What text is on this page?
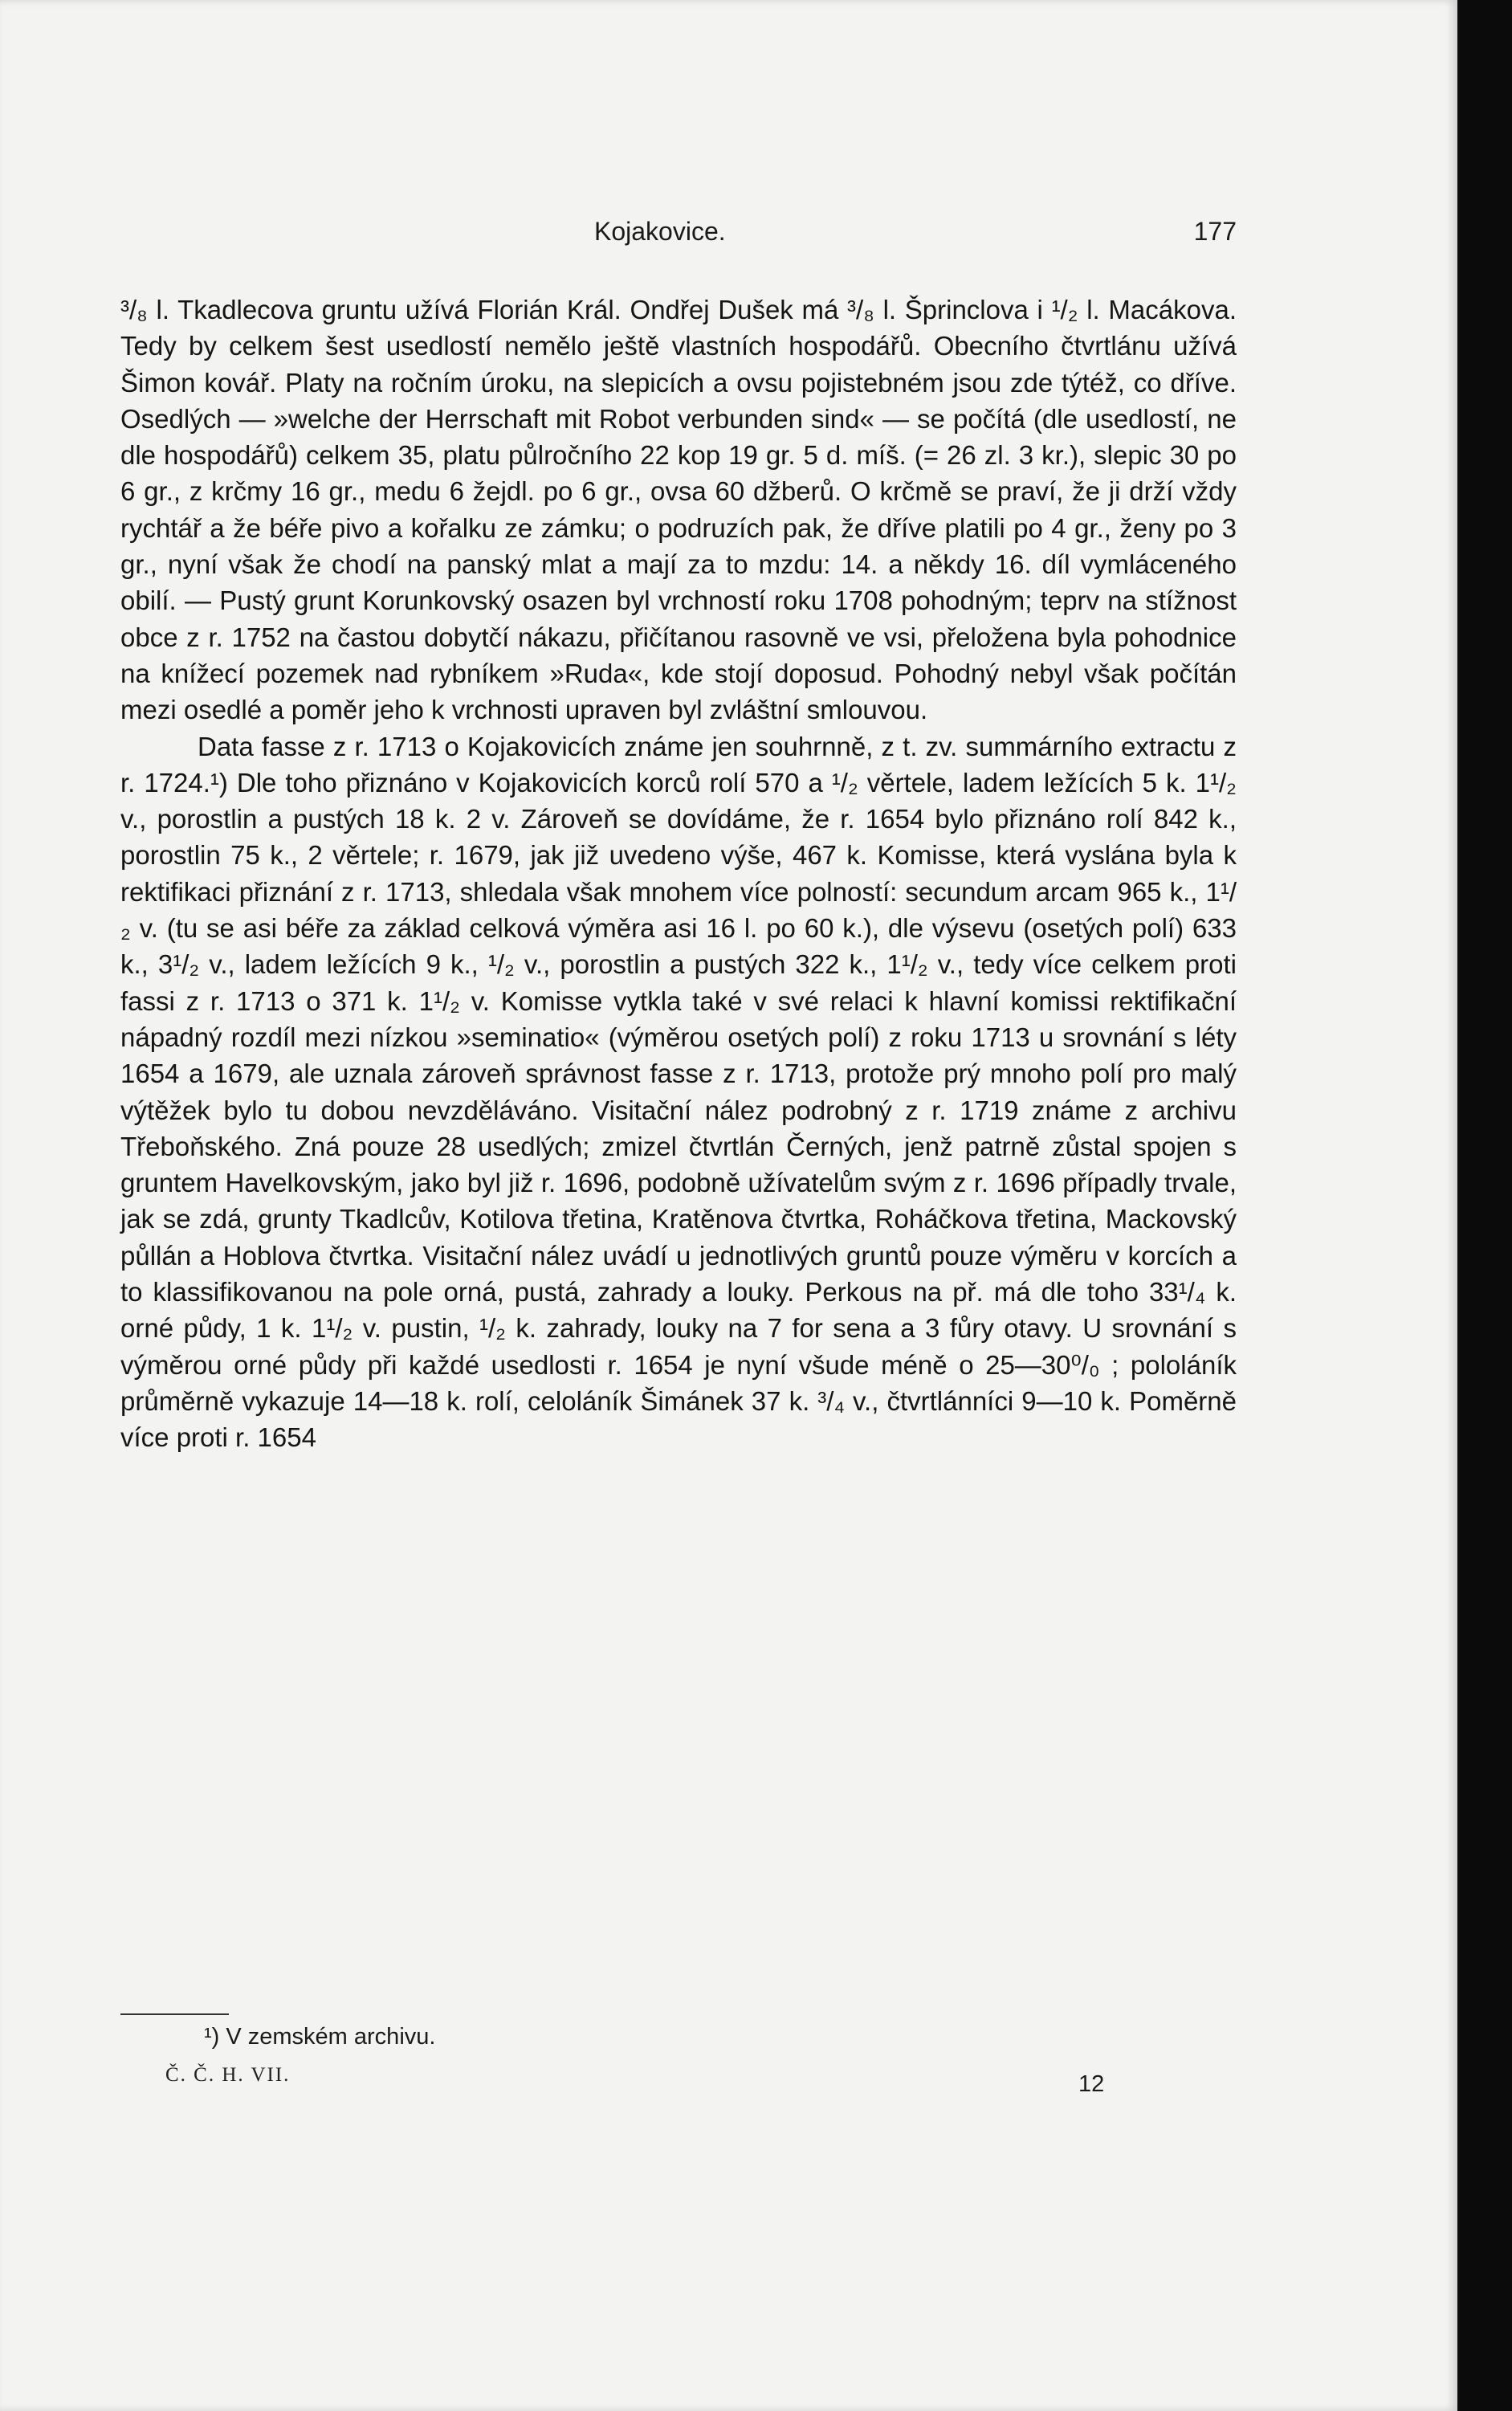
Kojakovice.	177

³/₈ l. Tkadlecova gruntu užívá Florián Král. Ondřej Dušek má ³/₈ l. Šprinclova i ¹/₂ l. Macákova. Tedy by celkem šest usedlostí nemělo ještě vlastních hospodářů. Obecního čtvrtlánu užívá Šimon kovář. Platy na ročním úroku, na slepicích a ovsu pojistebném jsou zde týtéž, co dříve. Osedlých — »welche der Herrschaft mit Robot verbunden sind« — se počítá (dle usedlostí, ne dle hospodářů) celkem 35, platu půlročního 22 kop 19 gr. 5 d. míš. (= 26 zl. 3 kr.), slepic 30 po 6 gr., z krčmy 16 gr., medu 6 žejdl. po 6 gr., ovsa 60 džberů. O krčmě se praví, že ji drží vždy rychtář a že béře pivo a kořalku ze zámku; o podruzích pak, že dříve platili po 4 gr., ženy po 3 gr., nyní však že chodí na panský mlat a mají za to mzdu: 14. a někdy 16. díl vymláceného obilí. — Pustý grunt Korunkovský osazen byl vrchností roku 1708 pohodným; teprv na stížnost obce z r. 1752 na častou dobytčí nákazu, přičítanou rasovně ve vsi, přeložena byla pohodnice na knížecí pozemek nad rybníkem »Ruda«, kde stojí doposud. Pohodný nebyl však počítán mezi osedlé a poměr jeho k vrchnosti upraven byl zvláštní smlouvou.

Data fasse z r. 1713 o Kojakovicích známe jen souhrnně, z t. zv. summárního extractu z r. 1724.¹) Dle toho přiznáno v Kojakovicích korců rolí 570 a ¹/₂ věrtele, ladem ležících 5 k. 1¹/₂ v., porostlin a pustých 18 k. 2 v. Zároveň se dovídáme, že r. 1654 bylo přiznáno rolí 842 k., porostlin 75 k., 2 věrtele; r. 1679, jak již uvedeno výše, 467 k. Komisse, která vyslána byla k rektifikaci přiznání z r. 1713, shledala však mnohem více polností: secundum arcam 965 k., 1¹/₂ v. (tu se asi béře za základ celková výměra asi 16 l. po 60 k.), dle výsevu (osetých polí) 633 k., 3¹/₂ v., ladem ležících 9 k., ¹/₂ v., porostlin a pustých 322 k., 1¹/₂ v., tedy více celkem proti fassi z r. 1713 o 371 k. 1¹/₂ v. Komisse vytkla také v své relaci k hlavní komissi rektifikační nápadný rozdíl mezi nízkou »seminatio« (výměrou osetých polí) z roku 1713 u srovnání s léty 1654 a 1679, ale uznala zároveň správnost fasse z r. 1713, protože prý mnoho polí pro malý výtěžek bylo tu dobou nevzděláváno. Visitační nález podrobný z r. 1719 známe z archivu Třeboňského. Zná pouze 28 usedlých; zmizel čtvrtlán Černých, jenž patrně zůstal spojen s gruntem Havelkovským, jako byl již r. 1696, podobně užívatelům svým z r. 1696 případly trvale, jak se zdá, grunty Tkadlcův, Kotilova třetina, Kratěnova čtvrtka, Roháčkova třetina, Mackovský půllán a Hoblova čtvrtka. Visitační nález uvádí u jednotlivých gruntů pouze výměru v korcích a to klassifikovanou na pole orná, pustá, zahrady a louky. Perkous na př. má dle toho 33¹/₄ k. orné půdy, 1 k. 1¹/₂ v. pustin, ¹/₂ k. zahrady, louky na 7 for sena a 3 fůry otavy. U srovnání s výměrou orné půdy při každé usedlosti r. 1654 je nyní všude méně o 25—30⁰/₀ ; pololáník průměrně vykazuje 14—18 k. rolí, celoláník Šimánek 37 k. ³/₄ v., čtvrtlánníci 9—10 k. Poměrně více proti r. 1654

¹) V zemském archivu.
Č. Č. H. VII.	12
